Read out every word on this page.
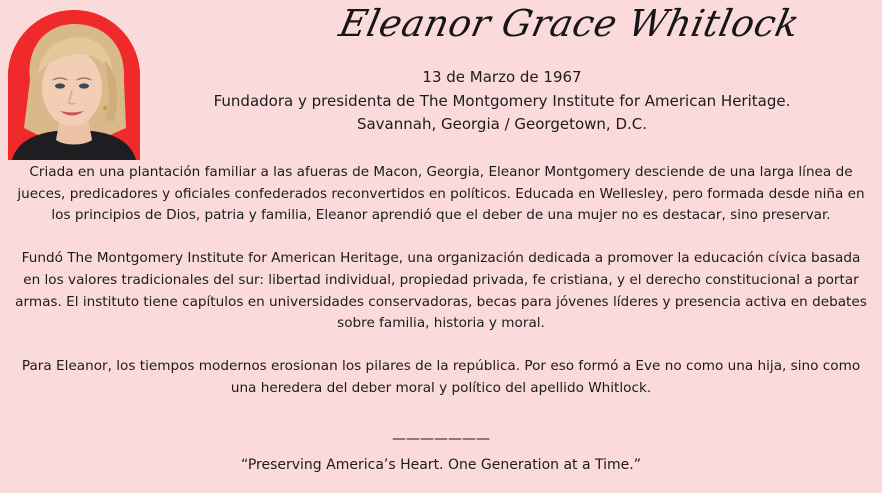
Eleanor Grace Whitlock
13 de Marzo de 1967
Fundadora y presidenta de The Montgomery Institute for American Heritage.
Savannah, Georgia / Georgetown, D.C.

Criada en una plantación familiar a las afueras de Macon, Georgia, Eleanor Montgomery desciende de una larga línea de jueces, predicadores y oficiales confederados reconvertidos en políticos. Educada en Wellesley, pero formada desde niña en los principios de Dios, patria y familia, Eleanor aprendió que el deber de una mujer no es destacar, sino preservar.

Fundó The Montgomery Institute for American Heritage, una organización dedicada a promover la educación cívica basada en los valores tradicionales del sur: libertad individual, propiedad privada, fe cristiana, y el derecho constitucional a portar armas. El instituto tiene capítulos en universidades conservadoras, becas para jóvenes líderes y presencia activa en debates sobre familia, historia y moral.

Para Eleanor, los tiempos modernos erosionan los pilares de la república. Por eso formó a Eve no como una hija, sino como una heredera del deber moral y político del apellido Whitlock.

———————
“Preserving America’s Heart. One Generation at a Time.”
